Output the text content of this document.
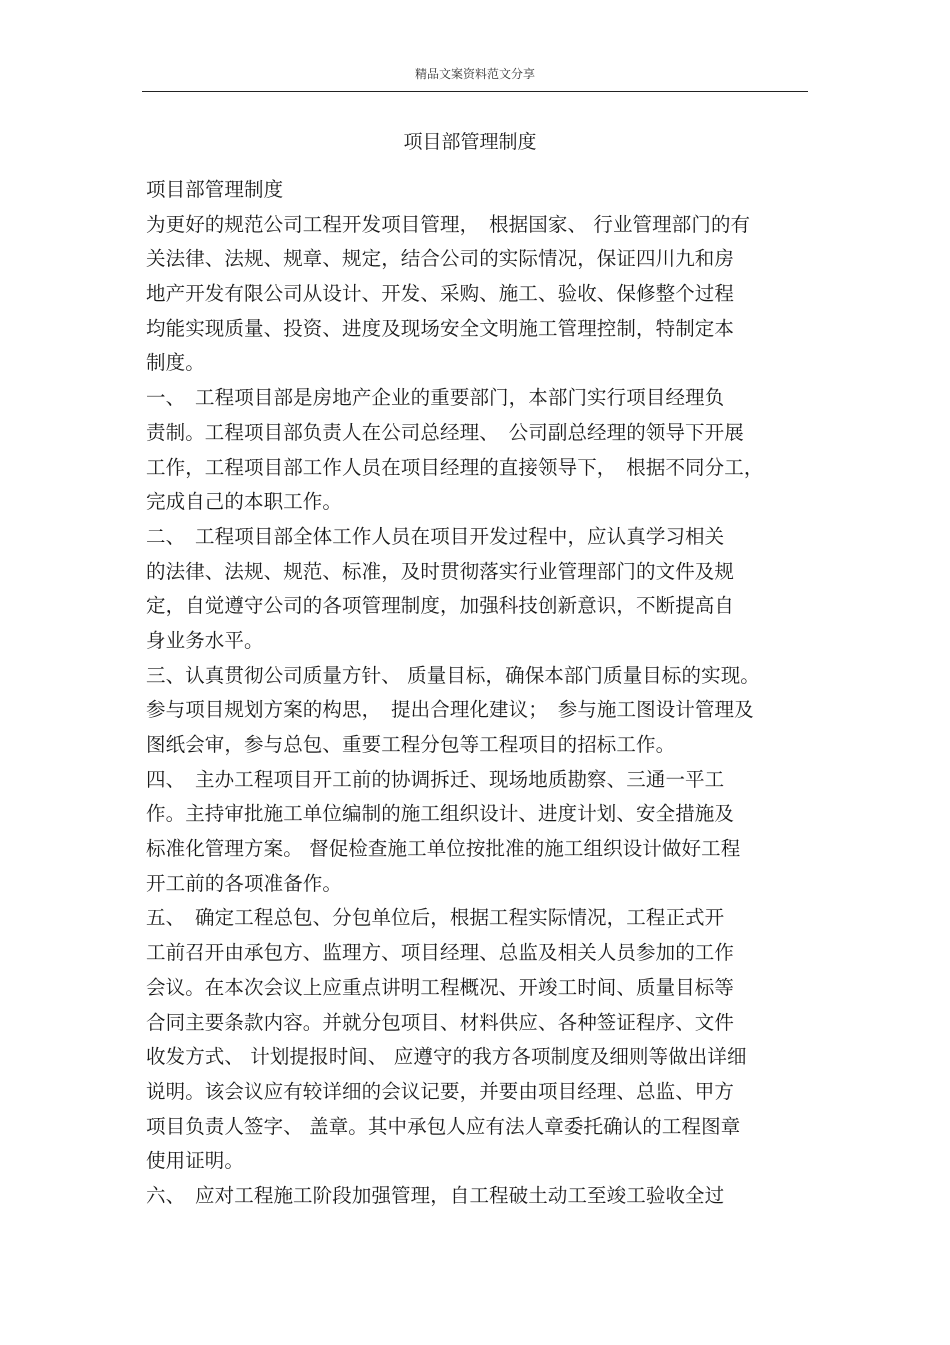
精品文案资料范文分享
项目部管理制度
项目部管理制度
为更好的规范公司工程开发项目管理，　根据国家、 行业管理部门的有
关法律、法规、规章、规定，结合公司的实际情况，保证四川九和房
地产开发有限公司从设计、开发、采购、施工、验收、保修整个过程
均能实现质量、投资、进度及现场安全文明施工管理控制，特制定本
制度。
一、　工程项目部是房地产企业的重要部门，本部门实行项目经理负
责制。工程项目部负责人在公司总经理、　公司副总经理的领导下开展
工作，工程项目部工作人员在项目经理的直接领导下，　根据不同分工，
完成自己的本职工作。
二、　工程项目部全体工作人员在项目开发过程中，应认真学习相关
的法律、法规、规范、标准，及时贯彻落实行业管理部门的文件及规
定，自觉遵守公司的各项管理制度，加强科技创新意识，不断提高自
身业务水平。
三、认真贯彻公司质量方针、 质量目标，确保本部门质量目标的实现。
参与项目规划方案的构思，　提出合理化建议；　参与施工图设计管理及
图纸会审，参与总包、重要工程分包等工程项目的招标工作。
四、　主办工程项目开工前的协调拆迁、现场地质勘察、三通一平工
作。主持审批施工单位编制的施工组织设计、进度计划、安全措施及
标准化管理方案。 督促检查施工单位按批准的施工组织设计做好工程
开工前的各项准备作。
五、　确定工程总包、分包单位后，根据工程实际情况，工程正式开
工前召开由承包方、监理方、项目经理、总监及相关人员参加的工作
会议。在本次会议上应重点讲明工程概况、开竣工时间、质量目标等
合同主要条款内容。并就分包项目、材料供应、各种签证程序、文件
收发方式、 计划提报时间、 应遵守的我方各项制度及细则等做出详细
说明。该会议应有较详细的会议记要，并要由项目经理、总监、甲方
项目负责人签字、 盖章。其中承包人应有法人章委托确认的工程图章
使用证明。
六、　应对工程施工阶段加强管理，自工程破土动工至竣工验收全过
